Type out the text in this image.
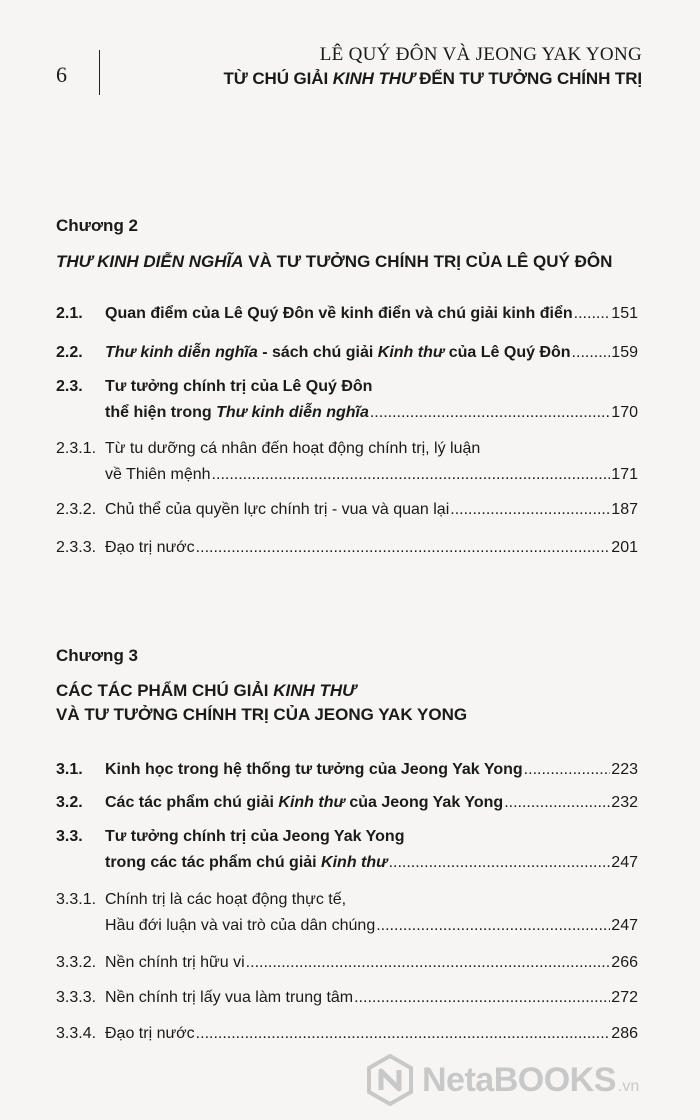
6
LÊ QUÝ ĐÔN VÀ JEONG YAK YONG
TỪ CHÚ GIẢI KINH THƯ ĐẾN TƯ TƯỞNG CHÍNH TRỊ
Chương 2
THƯ KINH DIỄN NGHĨA VÀ TƯ TƯỞNG CHÍNH TRỊ CỦA LÊ QUÝ ĐÔN
2.1. Quan điểm của Lê Quý Đôn về kinh điển và chú giải kinh điển ..... 151
2.2. Thư kinh diễn nghĩa - sách chú giải Kinh thư của Lê Quý Đôn .....	159
2.3. Tư tưởng chính trị của Lê Quý Đôn
thể hiện trong Thư kinh diễn nghĩa .....	170
2.3.1. Từ tu dưỡng cá nhân đến hoạt động chính trị, lý luận
về Thiên mệnh .....	171
2.3.2. Chủ thể của quyền lực chính trị - vua và quan lại .....	187
2.3.3. Đạo trị nước .....	201
Chương 3
CÁC TÁC PHẨM CHÚ GIẢI KINH THƯ
VÀ TƯ TƯỞNG CHÍNH TRỊ CỦA JEONG YAK YONG
3.1. Kinh học trong hệ thống tư tưởng của Jeong Yak Yong .....	223
3.2. Các tác phẩm chú giải Kinh thư của Jeong Yak Yong .....	232
3.3. Tư tưởng chính trị của Jeong Yak Yong
trong các tác phẩm chú giải Kinh thư .....	247
3.3.1. Chính trị là các hoạt động thực tế,
Hầu đới luận và vai trò của dân chúng .....	247
3.3.2. Nền chính trị hữu vi .....	266
3.3.3. Nền chính trị lấy vua làm trung tâm .....	272
3.3.4. Đạo trị nước .....	286
NetaBOOKS .vn
